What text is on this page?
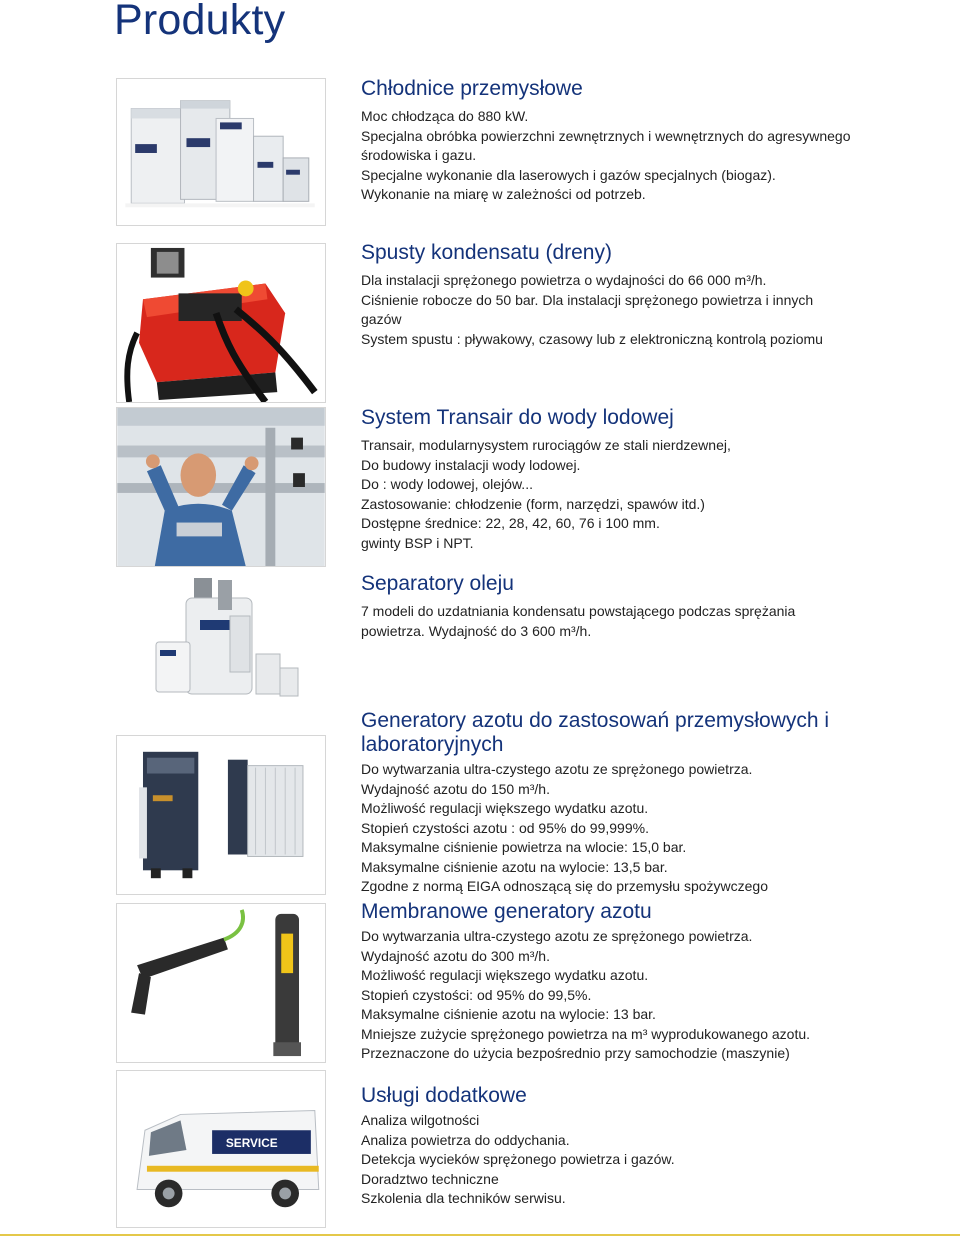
Produkty
SERVICE
Chłodnice przemysłowe
Moc chłodząca do 880 kW.
Specjalna obróbka powierzchni zewnętrznych i wewnętrznych do agresywnego
środowiska i gazu.
Specjalne wykonanie dla laserowych i gazów specjalnych (biogaz).
Wykonanie na miarę w zależności od potrzeb.
Spusty kondensatu (dreny)
Dla instalacji sprężonego powietrza o wydajności do 66 000 m³/h.
Ciśnienie robocze do 50 bar. Dla instalacji sprężonego powietrza i innych
gazów
System spustu : pływakowy, czasowy lub z elektroniczną kontrolą poziomu
System Transair do wody lodowej
Transair, modularnysystem rurociągów ze stali nierdzewnej,
Do budowy instalacji wody lodowej.
Do : wody lodowej, olejów...
Zastosowanie: chłodzenie (form, narzędzi, spawów itd.)
Dostępne średnice: 22, 28, 42, 60, 76 i 100 mm.
gwinty BSP i NPT.
Separatory oleju
7 modeli do uzdatniania kondensatu powstającego podczas sprężania
powietrza. Wydajność do 3 600 m³/h.
Generatory azotu do zastosowań przemysłowych i
laboratoryjnych
Do wytwarzania ultra-czystego azotu ze sprężonego powietrza.
Wydajność azotu do 150 m³/h.
Możliwość regulacji większego wydatku azotu.
Stopień czystości azotu : od 95% do 99,999%.
Maksymalne ciśnienie powietrza na wlocie: 15,0 bar.
Maksymalne ciśnienie azotu na wylocie: 13,5 bar.
Zgodne z normą EIGA odnoszącą się do przemysłu spożywczego
Membranowe generatory azotu
Do wytwarzania ultra-czystego azotu ze sprężonego powietrza.
Wydajność azotu do 300 m³/h.
Możliwość regulacji większego wydatku azotu.
Stopień czystości: od 95% do 99,5%.
Maksymalne ciśnienie azotu na wylocie: 13 bar.
Mniejsze zużycie sprężonego powietrza na m³ wyprodukowanego azotu.
Przeznaczone do użycia bezpośrednio przy samochodzie (maszynie)
Usługi dodatkowe
Analiza wilgotności
Analiza powietrza do oddychania.
Detekcja wycieków sprężonego powietrza i gazów.
Doradztwo techniczne
Szkolenia dla techników serwisu.
